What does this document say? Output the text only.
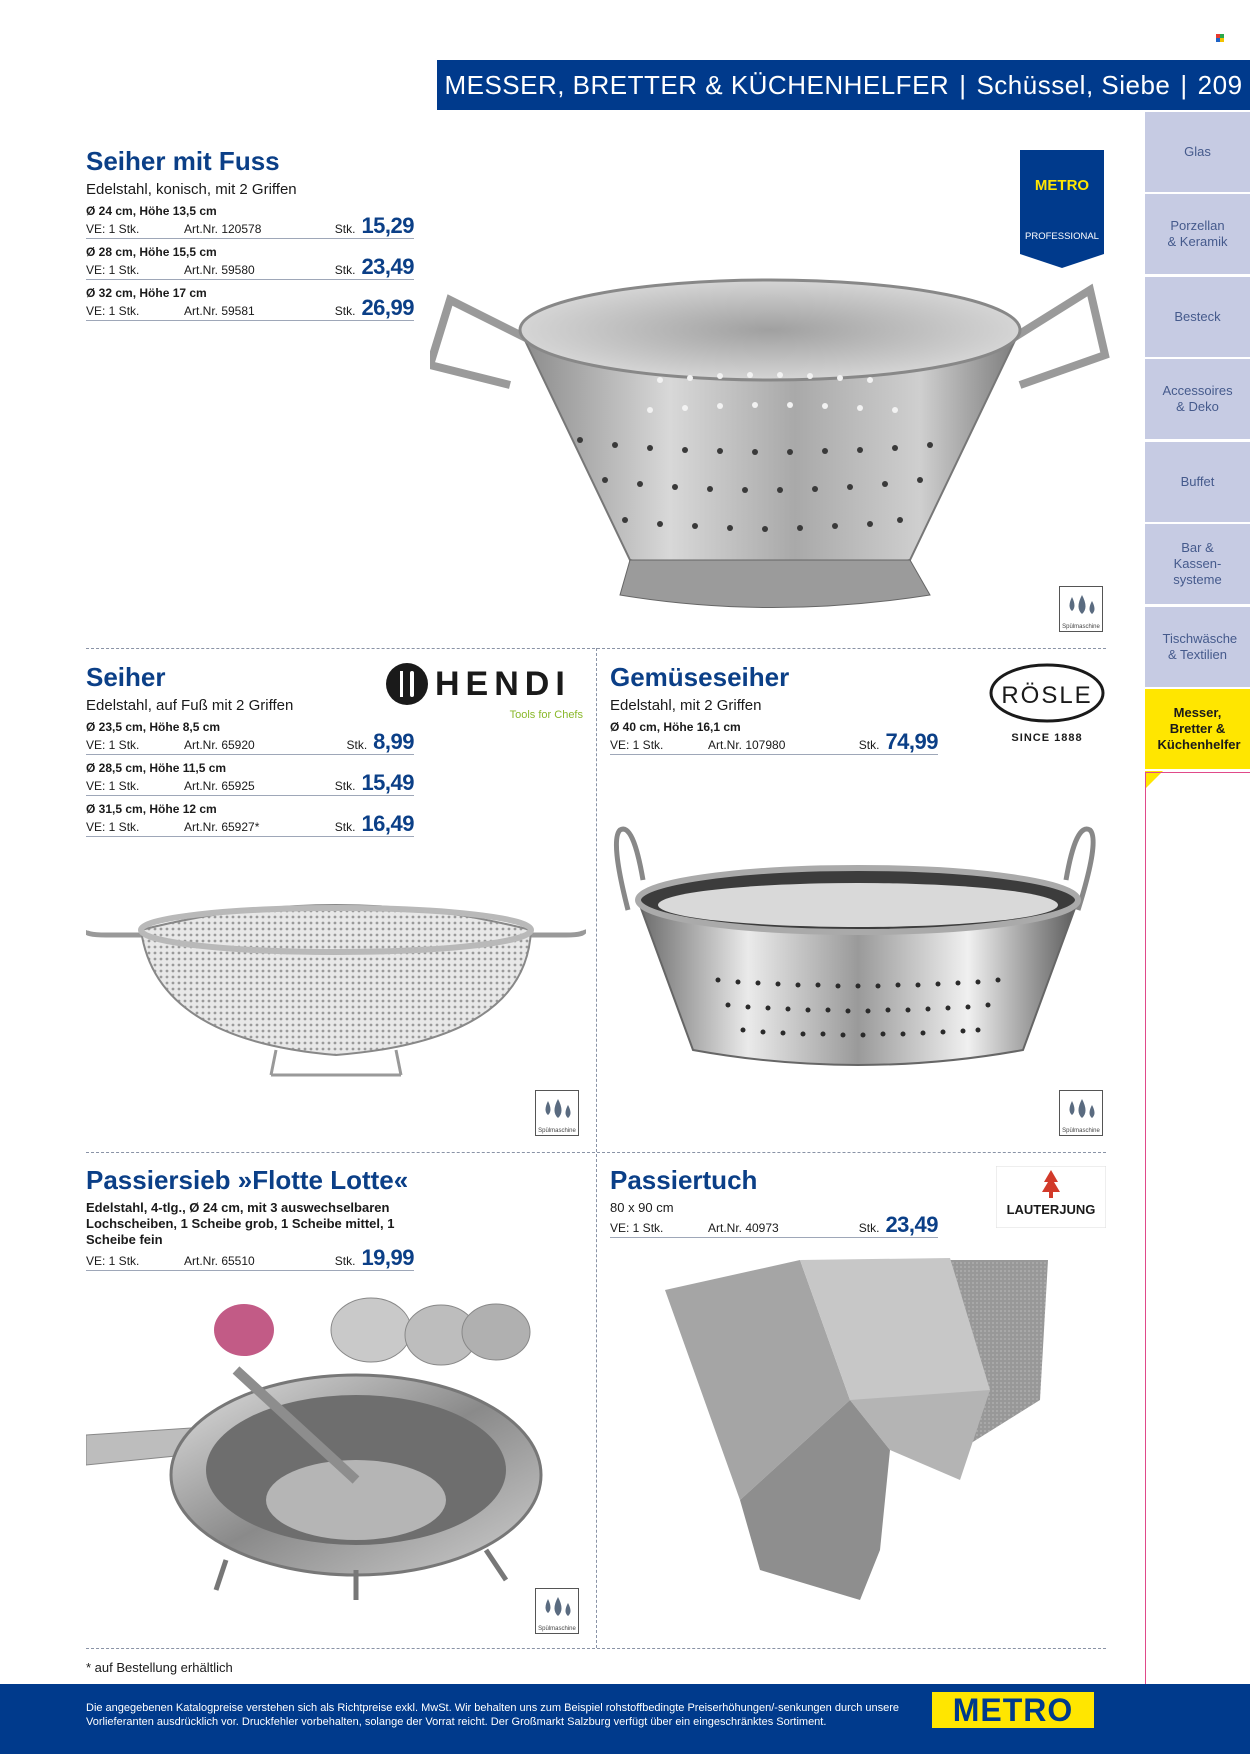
MESSER, BRETTER & KÜCHENHELFER | Schüssel, Siebe | 209
Glas
Porzellan & Keramik
Besteck
Accessoires & Deko
Buffet
Bar & Kassen-systeme
Tischwäsche & Textilien
Messer, Bretter & Küchenhelfer
METRO
PROFESSIONAL
Seiher mit Fuss
Edelstahl, konisch, mit 2 Griffen
Ø 24 cm, Höhe 13,5 cm
VE: 1 Stk.	Art.Nr. 120578	Stk. 15,29
Ø 28 cm, Höhe 15,5 cm
VE: 1 Stk.	Art.Nr. 59580	Stk. 23,49
Ø 32 cm, Höhe 17 cm
VE: 1 Stk.	Art.Nr. 59581	Stk. 26,99
Spülmaschine
HENDI
Tools for Chefs
Seiher
Edelstahl, auf Fuß mit 2 Griffen
Ø 23,5 cm, Höhe 8,5 cm
VE: 1 Stk.	Art.Nr. 65920	Stk. 8,99
Ø 28,5 cm, Höhe 11,5 cm
VE: 1 Stk.	Art.Nr. 65925	Stk. 15,49
Ø 31,5 cm, Höhe 12 cm
VE: 1 Stk.	Art.Nr. 65927*	Stk. 16,49
Spülmaschine
RÖSLE
SINCE 1888
Gemüseseiher
Edelstahl, mit 2 Griffen
Ø 40 cm, Höhe 16,1 cm
VE: 1 Stk.	Art.Nr. 107980	Stk. 74,99
Spülmaschine
Passiersieb »Flotte Lotte«
Edelstahl, 4-tlg., Ø 24 cm, mit 3 auswechselbaren Lochscheiben, 1 Scheibe grob, 1 Scheibe mittel, 1 Scheibe fein
VE: 1 Stk.	Art.Nr. 65510	Stk. 19,99
Spülmaschine
LAUTERJUNG
Passiertuch
80 x 90 cm
VE: 1 Stk.	Art.Nr. 40973	Stk. 23,49
* auf Bestellung erhältlich
Die angegebenen Katalogpreise verstehen sich als Richtpreise exkl. MwSt. Wir behalten uns zum Beispiel rohstoffbedingte Preiserhöhungen/-senkungen durch unsere Vorlieferanten ausdrücklich vor. Druckfehler vorbehalten, solange der Vorrat reicht. Der Großmarkt Salzburg verfügt über ein eingeschränktes Sortiment.	METRO
